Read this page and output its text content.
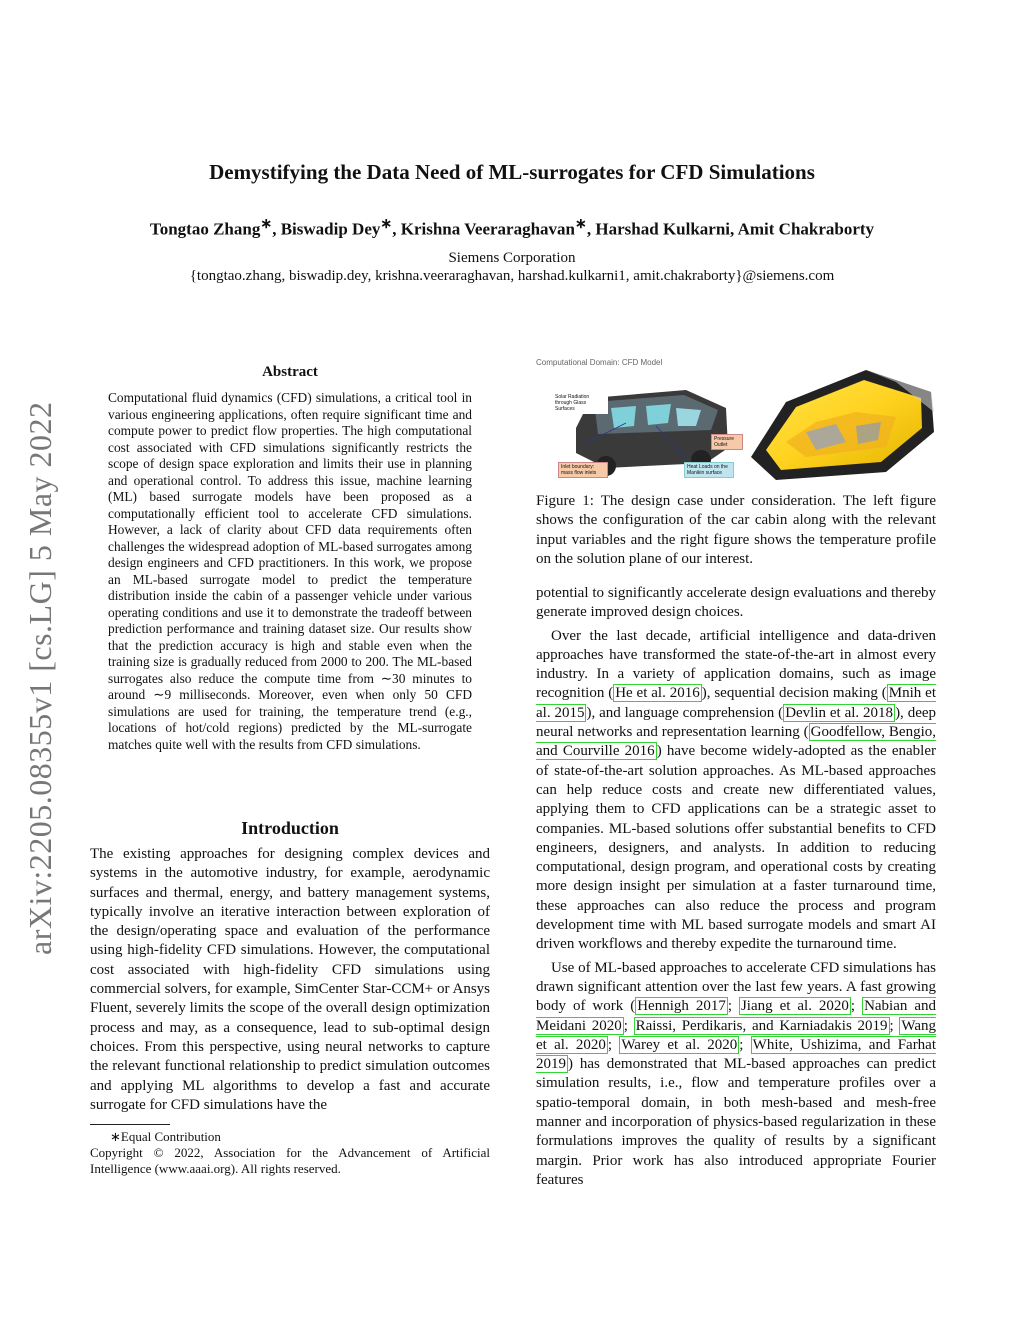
Demystifying the Data Need of ML-surrogates for CFD Simulations
Tongtao Zhang∗, Biswadip Dey∗, Krishna Veeraraghavan∗, Harshad Kulkarni, Amit Chakraborty
Siemens Corporation
{tongtao.zhang, biswadip.dey, krishna.veeraraghavan, harshad.kulkarni1, amit.chakraborty}@siemens.com
arXiv:2205.08355v1 [cs.LG] 5 May 2022
Abstract
Computational fluid dynamics (CFD) simulations, a critical tool in various engineering applications, often require significant time and compute power to predict flow properties. The high computational cost associated with CFD simulations significantly restricts the scope of design space exploration and limits their use in planning and operational control. To address this issue, machine learning (ML) based surrogate models have been proposed as a computationally efficient tool to accelerate CFD simulations. However, a lack of clarity about CFD data requirements often challenges the widespread adoption of ML-based surrogates among design engineers and CFD practitioners. In this work, we propose an ML-based surrogate model to predict the temperature distribution inside the cabin of a passenger vehicle under various operating conditions and use it to demonstrate the tradeoff between prediction performance and training dataset size. Our results show that the prediction accuracy is high and stable even when the training size is gradually reduced from 2000 to 200. The ML-based surrogates also reduce the compute time from ∼30 minutes to around ∼9 milliseconds. Moreover, even when only 50 CFD simulations are used for training, the temperature trend (e.g., locations of hot/cold regions) predicted by the ML-surrogate matches quite well with the results from CFD simulations.
Introduction
The existing approaches for designing complex devices and systems in the automotive industry, for example, aerodynamic surfaces and thermal, energy, and battery management systems, typically involve an iterative interaction between exploration of the design/operating space and evaluation of the performance using high-fidelity CFD simulations. However, the computational cost associated with high-fidelity CFD simulations using commercial solvers, for example, SimCenter Star-CCM+ or Ansys Fluent, severely limits the scope of the overall design optimization process and may, as a consequence, lead to sub-optimal design choices. From this perspective, using neural networks to capture the relevant functional relationship to predict simulation outcomes and applying ML algorithms to develop a fast and accurate surrogate for CFD simulations have the
∗Equal Contribution
Copyright © 2022, Association for the Advancement of Artificial Intelligence (www.aaai.org). All rights reserved.
Computational Domain: CFD Model
Solar Radiation through Glass Surfaces
Inlet boundary: mass flow inlets
Heat Loads on the Manikin surface
Pressure Outlet
Figure 1: The design case under consideration. The left figure shows the configuration of the car cabin along with the relevant input variables and the right figure shows the temperature profile on the solution plane of our interest.

potential to significantly accelerate design evaluations and thereby generate improved design choices.

Over the last decade, artificial intelligence and data-driven approaches have transformed the state-of-the-art in almost every industry. In a variety of application domains, such as image recognition ( He et al. 2016 ), sequential decision making ( Mnih et al. 2015 ), and language comprehension ( Devlin et al. 2018 ), deep neural networks and representation learning ( Goodfellow, Bengio, and Courville 2016 ) have become widely-adopted as the enabler of state-of-the-art solution approaches. As ML-based approaches can help reduce costs and create new differentiated values, applying them to CFD applications can be a strategic asset to companies. ML-based solutions offer substantial benefits to CFD engineers, designers, and analysts. In addition to reducing computational, design program, and operational costs by creating more design insight per simulation at a faster turnaround time, these approaches can also reduce the process and program development time with ML based surrogate models and smart AI driven workflows and thereby expedite the turnaround time.

Use of ML-based approaches to accelerate CFD simulations has drawn significant attention over the last few years. A fast growing body of work ( Hennigh 2017 ; Jiang et al. 2020 ; Nabian and Meidani 2020 ; Raissi, Perdikaris, and Karniadakis 2019 ; Wang et al. 2020 ; Warey et al. 2020 ; White, Ushizima, and Farhat 2019 ) has demonstrated that ML-based approaches can predict simulation results, i.e., flow and temperature profiles over a spatio-temporal domain, in both mesh-based and mesh-free manner and incorporation of physics-based regularization in these formulations improves the quality of results by a significant margin. Prior work has also introduced appropriate Fourier features
